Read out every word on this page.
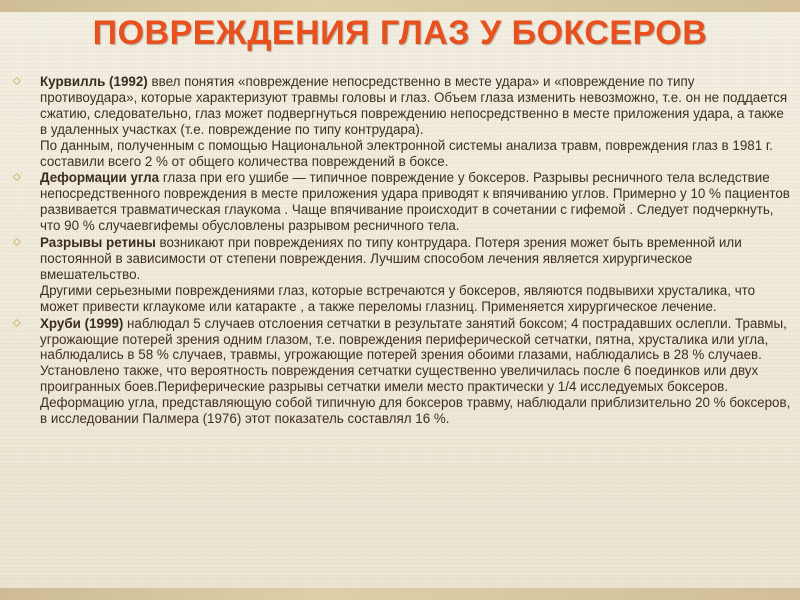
ПОВРЕЖДЕНИЯ ГЛАЗ У БОКСЕРОВ
⬦	Курвилль (1992) ввел понятия «повреждение непосредственно в месте удара» и «повреждение по типу противоудара», которые характеризуют травмы головы и глаз. Объем глаза изменить невозможно, т.е. он не поддается сжатию, следовательно, глаз может подвергнуться повреждению непосредственно в месте приложения удара, а также в удаленных участках (т.е. повреждение по типу контрудара).
По данным, полученным с помощью Национальной электронной системы анализа травм, повреждения глаз в 1981 г. составили всего 2 % от общего количества повреждений в боксе.
⬦	Деформации угла глаза при его ушибе — типичное повреждение у боксеров. Разрывы ресничного тела вследствие непосредственного повреждения в месте приложения удара приводят к впячиванию углов. Примерно у 10 % пациентов развивается травматическая глаукома . Чаще впячивание происходит в сочетании с гифемой . Следует подчеркнуть, что 90 % случаевгифемы обусловлены разрывом ресничного тела.
⬦	Разрывы ретины возникают при повреждениях по типу контрудара. Потеря зрения может быть временной или постоянной в зависимости от степени повреждения. Лучшим способом лечения является хирургическое вмешательство.
Другими серьезными повреждениями глаз, которые встречаются у боксеров, являются подвывихи хрусталика, что может привести кглаукоме или катаракте , а также переломы глазниц. Применяется хирургическое лечение.
⬦	Хруби (1999) наблюдал 5 случаев отслоения сетчатки в результате занятий боксом; 4 пострадавших ослепли. Травмы, угрожающие потерей зрения одним глазом, т.е. повреждения периферической сетчатки, пятна, хрусталика или угла, наблюдались в 58 % случаев, травмы, угрожающие потерей зрения обоими глазами, наблюдались в 28 % случаев.
Установлено также, что вероятность повреждения сетчатки существенно увеличилась после 6 поединков или двух проигранных боев.Периферические разрывы сетчатки имели место практически у 1/4 исследуемых боксеров. Деформацию угла, представляющую собой типичную для боксеров травму, наблюдали приблизительно 20 % боксеров, в исследовании Палмера (1976) этот показатель составлял 16 %.
